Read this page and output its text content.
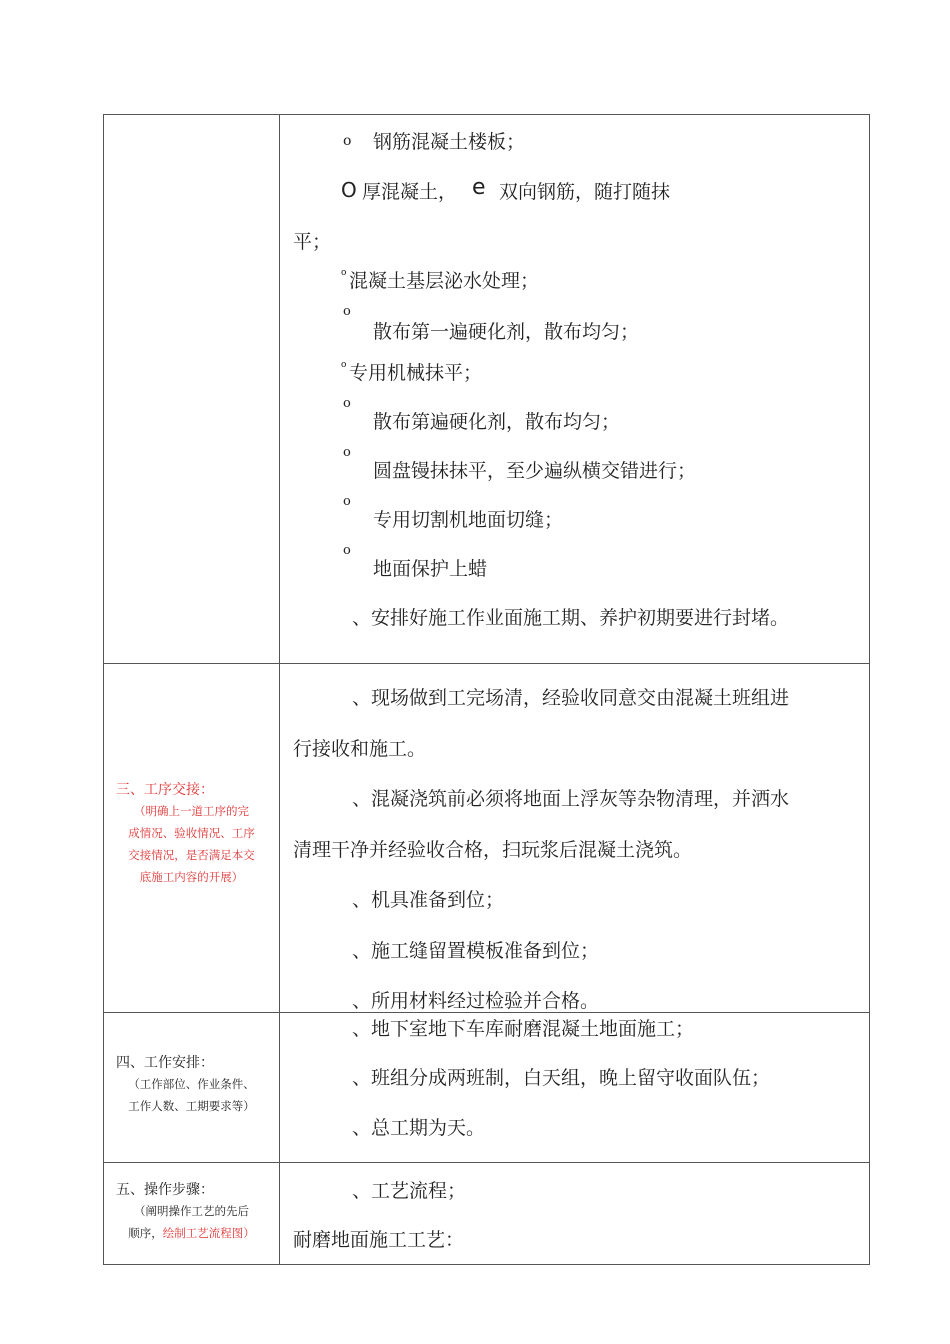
o 钢筋混凝土楼板；
O 厚混凝土， e 双向钢筋，随打随抹
平；
o 混凝土基层泌水处理；
o
散布第一遍硬化剂，散布均匀；
o 专用机械抹平；
o
散布第遍硬化剂，散布均匀；
o
圆盘镘抹抹平，至少遍纵横交错进行；
o
专用切割机地面切缝；
o
地面保护上蜡
、安排好施工作业面施工期、养护初期要进行封堵。
三、工序交接：
（明确上一道工序的完
成情况、验收情况、工序
交接情况，是否满足本交
底施工内容的开展）
、现场做到工完场清，经验收同意交由混凝土班组进
行接收和施工。
、混凝浇筑前必须将地面上浮灰等杂物清理，并洒水
清理干净并经验收合格，扫玩浆后混凝土浇筑。
、机具准备到位；
、施工缝留置模板准备到位；
、所用材料经过检验并合格。
四、工作安排：
（工作部位、作业条件、
工作人数、工期要求等）
、地下室地下车库耐磨混凝土地面施工；
、班组分成两班制，白天组，晚上留守收面队伍；
、总工期为天。
五、操作步骤：
（阐明操作工艺的先后
顺序，绘制工艺流程图）
、工艺流程；
耐磨地面施工工艺：
